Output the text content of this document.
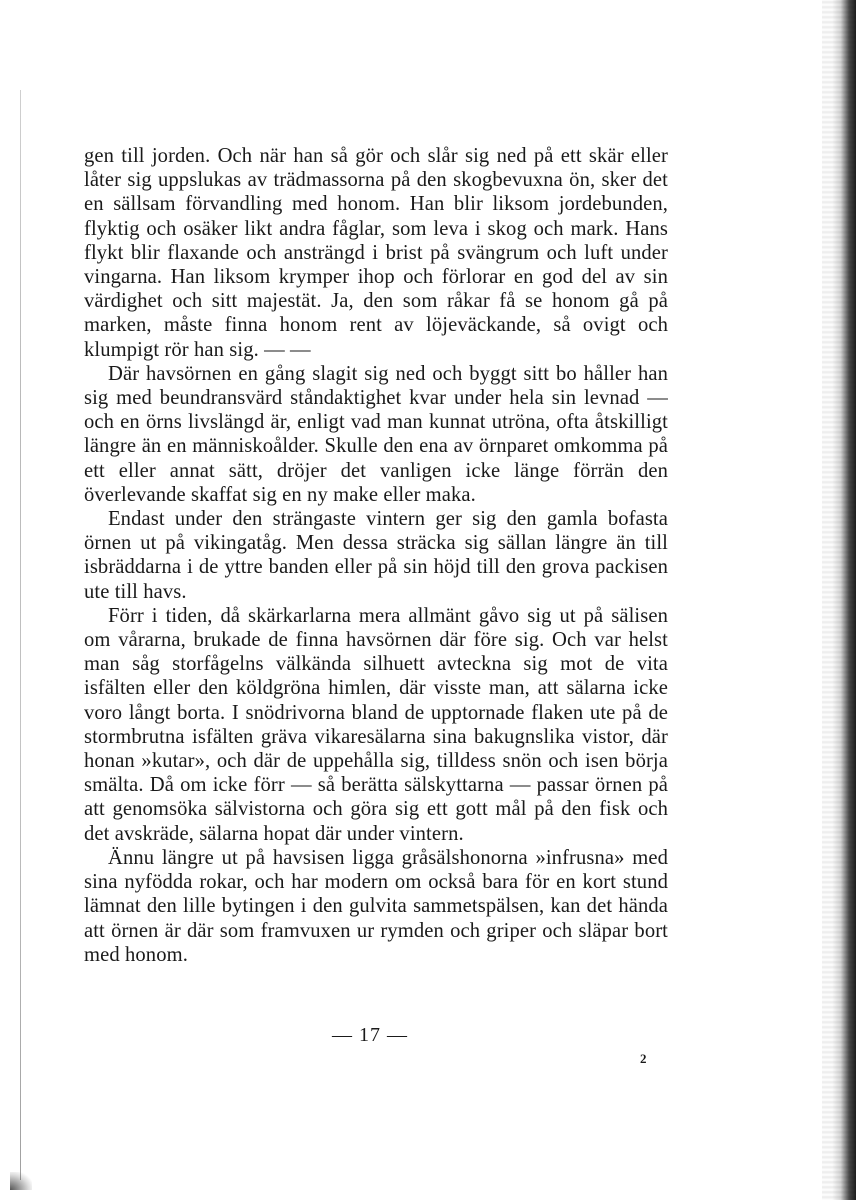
gen till jorden. Och när han så gör och slår sig ned på ett skär eller låter sig uppslukas av trädmassorna på den skogbevuxna ön, sker det en sällsam förvandling med honom. Han blir liksom jordebunden, flyktig och osäker likt andra fåglar, som leva i skog och mark. Hans flykt blir flaxande och ansträngd i brist på svängrum och luft under vingarna. Han liksom krymper ihop och förlorar en god del av sin värdighet och sitt majestät. Ja, den som råkar få se honom gå på marken, måste finna honom rent av löjeväckande, så ovigt och klumpigt rör han sig. — —

Där havsörnen en gång slagit sig ned och byggt sitt bo håller han sig med beundransvärd ståndaktighet kvar under hela sin levnad — och en örns livslängd är, enligt vad man kunnat utröna, ofta åtskilligt längre än en människoålder. Skulle den ena av örnparet omkomma på ett eller annat sätt, dröjer det vanligen icke länge förrän den överlevande skaffat sig en ny make eller maka.

Endast under den strängaste vintern ger sig den gamla bofasta örnen ut på vikingatåg. Men dessa sträcka sig sällan längre än till isbräddarna i de yttre banden eller på sin höjd till den grova packisen ute till havs.

Förr i tiden, då skärkarlarna mera allmänt gåvo sig ut på sälisen om vårarna, brukade de finna havsörnen där före sig. Och var helst man såg storfågelns välkända silhuett avteckna sig mot de vita isfälten eller den köldgröna himlen, där visste man, att sälarna icke voro långt borta. I snödrivorna bland de upptornade flaken ute på de stormbrutna isfälten gräva vikaresälarna sina bakugnslika vistor, där honan »kutar», och där de uppehålla sig, tilldess snön och isen börja smälta. Då om icke förr — så berätta sälskyttarna — passar örnen på att genomsöka sälvistorna och göra sig ett gott mål på den fisk och det avskräde, sälarna hopat där under vintern.

Ännu längre ut på havsisen ligga gråsälshonorna »infrusna» med sina nyfödda rokar, och har modern om också bara för en kort stund lämnat den lille bytingen i den gulvita sammetspälsen, kan det hända att örnen är där som framvuxen ur rymden och griper och släpar bort med honom.

— 17 —
2
